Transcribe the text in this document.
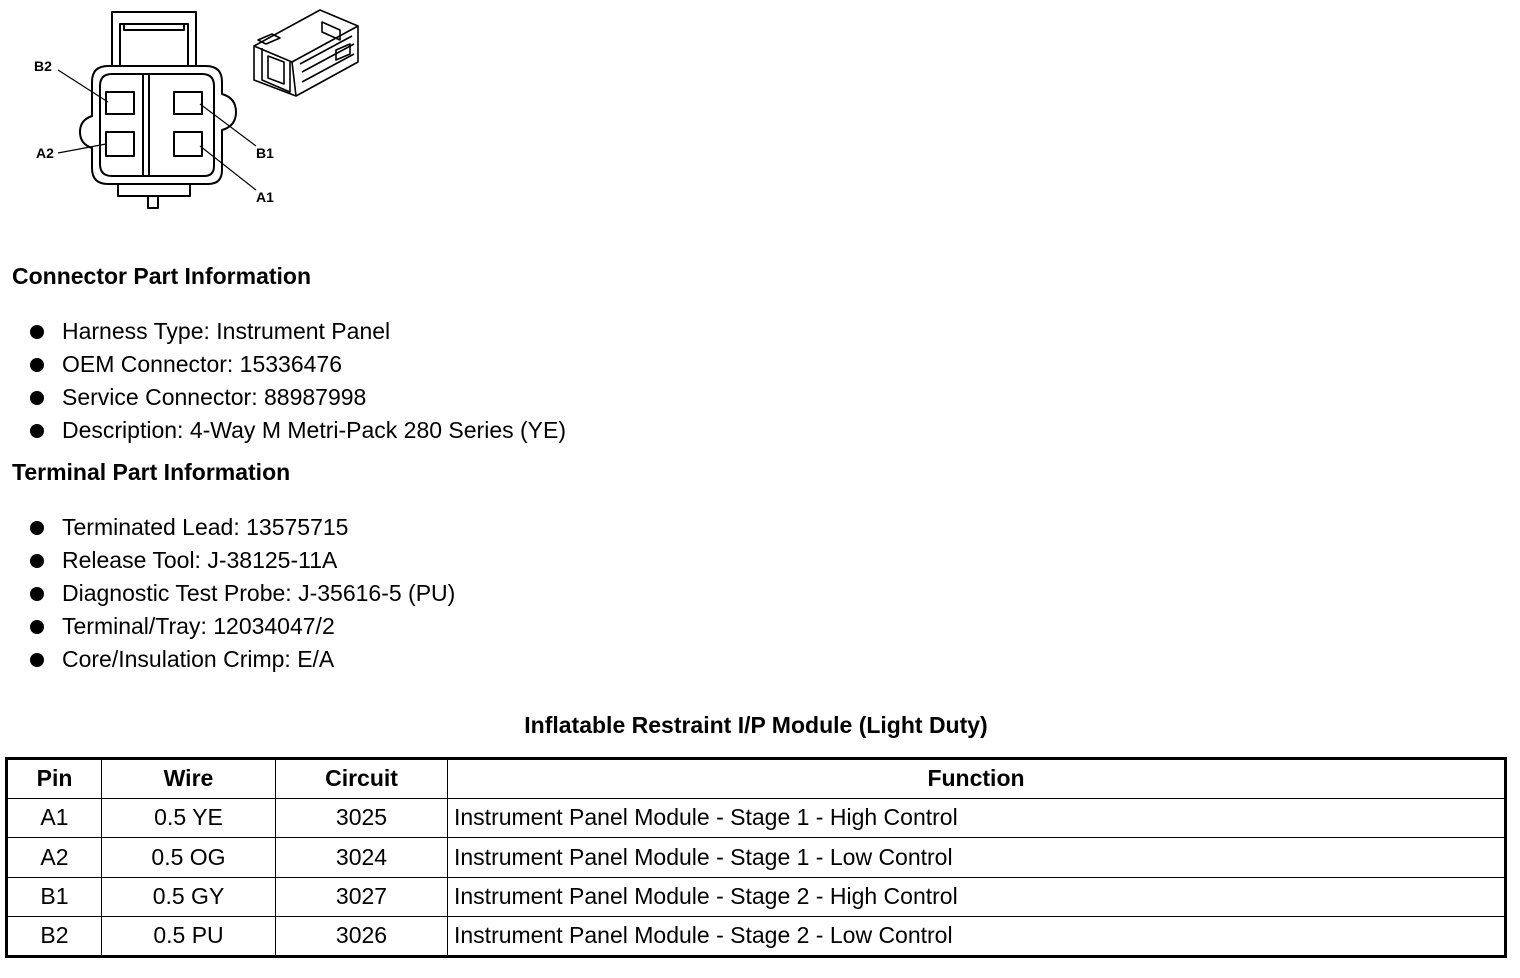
B2
A2	B1
A1
Connector Part Information
Harness Type: Instrument Panel
OEM Connector: 15336476
Service Connector: 88987998
Description: 4-Way M Metri-Pack 280 Series (YE)
Terminal Part Information
Terminated Lead: 13575715
Release Tool: J-38125-11A
Diagnostic Test Probe: J-35616-5 (PU)
Terminal/Tray: 12034047/2
Core/Insulation Crimp: E/A
Inflatable Restraint I/P Module (Light Duty)
Pin	Wire	Circuit	Function
A1	0.5 YE	3025	Instrument Panel Module - Stage 1 - High Control
A2	0.5 OG	3024	Instrument Panel Module - Stage 1 - Low Control
B1	0.5 GY	3027	Instrument Panel Module - Stage 2 - High Control
B2	0.5 PU	3026	Instrument Panel Module - Stage 2 - Low Control
